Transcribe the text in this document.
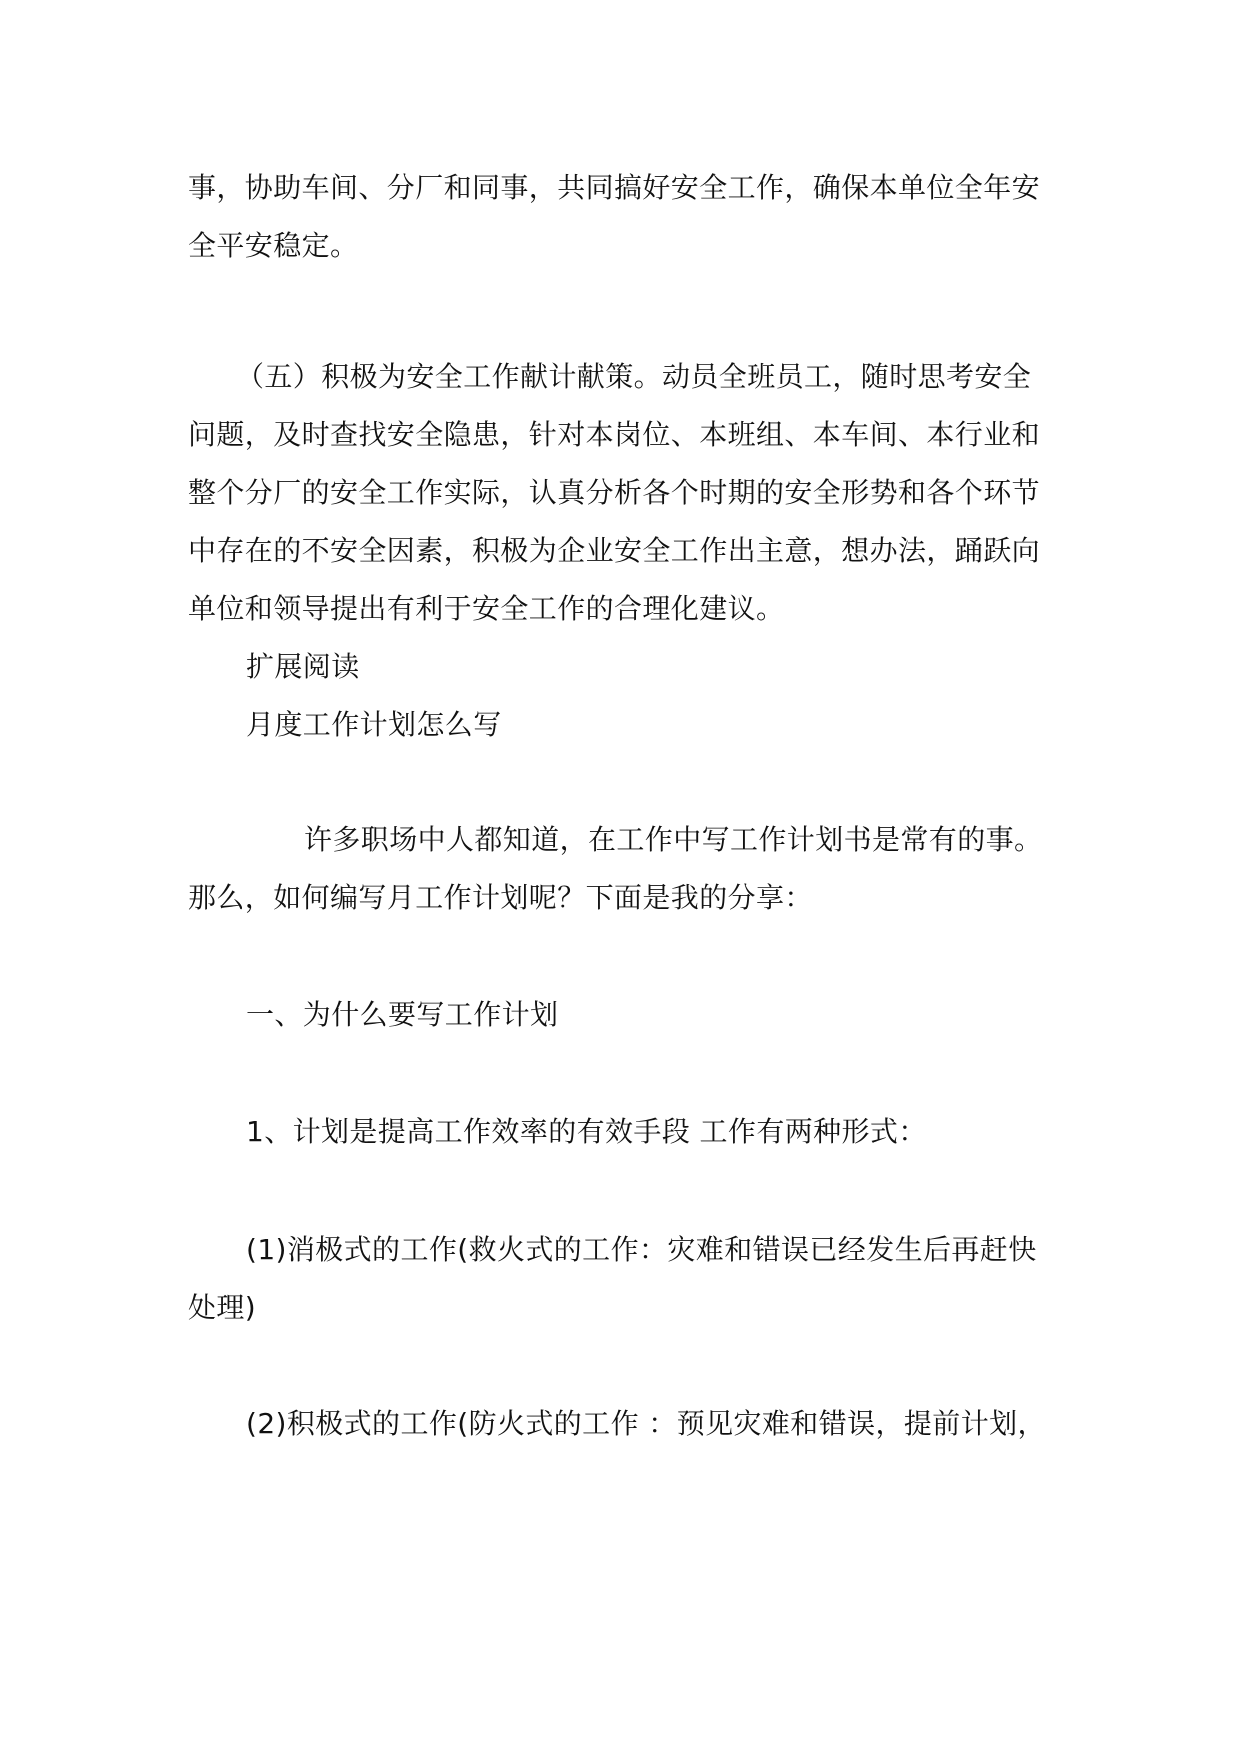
事，协助车间、分厂和同事，共同搞好安全工作，确保本单位全年安
全平安稳定。
（五）积极为安全工作献计献策。动员全班员工，随时思考安全
问题，及时查找安全隐患，针对本岗位、本班组、本车间、本行业和
整个分厂的安全工作实际，认真分析各个时期的安全形势和各个环节
中存在的不安全因素，积极为企业安全工作出主意，想办法，踊跃向
单位和领导提出有利于安全工作的合理化建议。
扩展阅读
月度工作计划怎么写
许多职场中人都知道，在工作中写工作计划书是常有的事。
那么，如何编写月工作计划呢？下面是我的分享：
一、为什么要写工作计划
1、计划是提高工作效率的有效手段 工作有两种形式：
(1)消极式的工作(救火式的工作：灾难和错误已经发生后再赶快
处理)
(2)积极式的工作(防火式的工作 ：预见灾难和错误，提前计划，
